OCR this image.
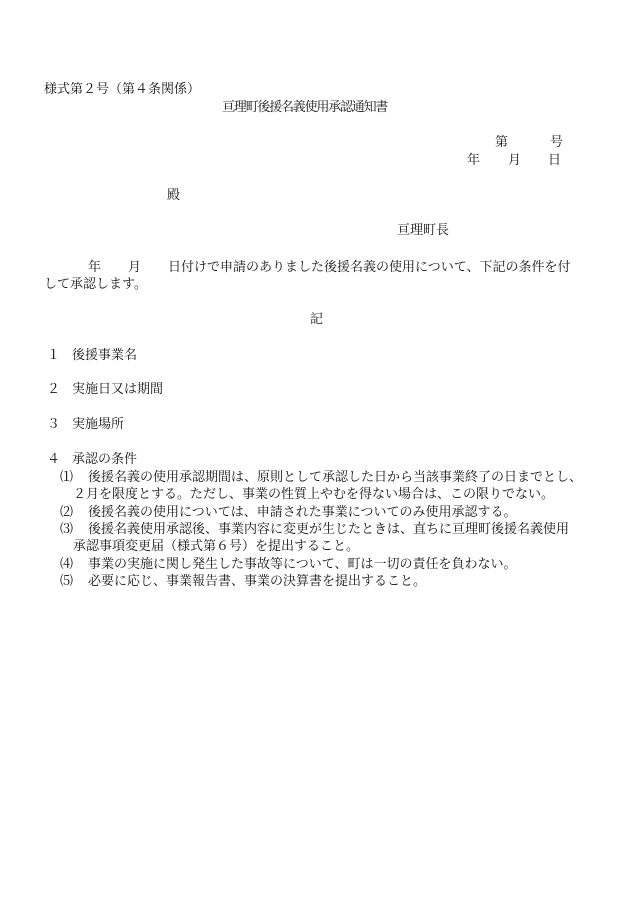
様式第２号（第４条関係）
亘理町後援名義使用承認通知書
第	号
年 月 日
殿
亘理町長
年 月 日付けで申請のありました後援名義の使用について、下記の条件を付
して承認します。
記
１ 後援事業名
２ 実施日又は期間
３ 実施場所
４ 承認の条件
⑴ 後援名義の使用承認期間は、原則として承認した日から当該事業終了の日までとし、
２月を限度とする。ただし、事業の性質上やむを得ない場合は、この限りでない。
⑵ 後援名義の使用については、申請された事業についてのみ使用承認する。
⑶ 後援名義使用承認後、事業内容に変更が生じたときは、直ちに亘理町後援名義使用
承認事項変更届（様式第６号）を提出すること。
⑷ 事業の実施に関し発生した事故等について、町は一切の責任を負わない。
⑸ 必要に応じ、事業報告書、事業の決算書を提出すること。
